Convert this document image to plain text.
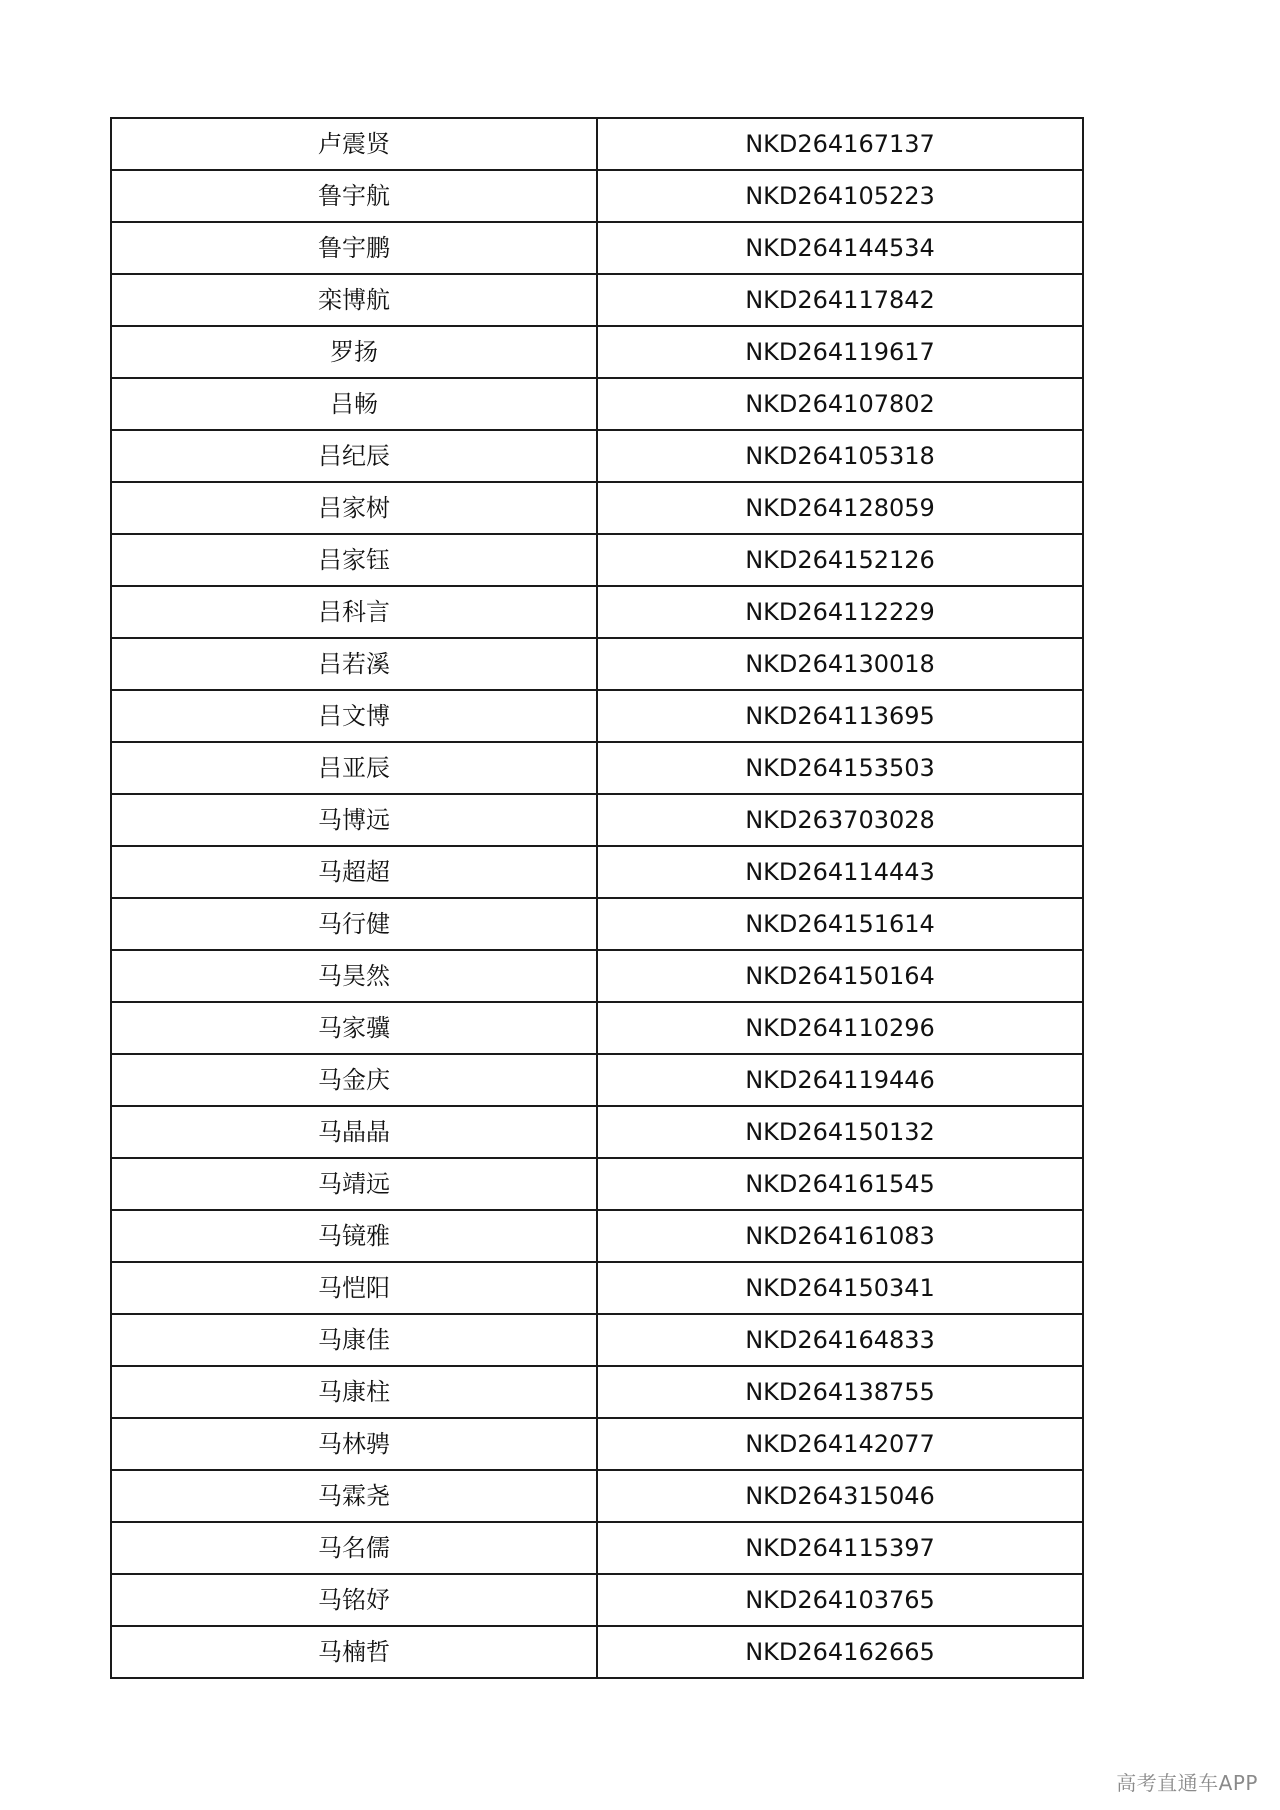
卢震贤	NKD264167137
鲁宇航	NKD264105223
鲁宇鹏	NKD264144534
栾博航	NKD264117842
罗扬	NKD264119617
吕畅	NKD264107802
吕纪辰	NKD264105318
吕家树	NKD264128059
吕家钰	NKD264152126
吕科言	NKD264112229
吕若溪	NKD264130018
吕文博	NKD264113695
吕亚辰	NKD264153503
马博远	NKD263703028
马超超	NKD264114443
马行健	NKD264151614
马昊然	NKD264150164
马家骥	NKD264110296
马金庆	NKD264119446
马晶晶	NKD264150132
马靖远	NKD264161545
马镜雅	NKD264161083
马恺阳	NKD264150341
马康佳	NKD264164833
马康柱	NKD264138755
马林骋	NKD264142077
马霖尧	NKD264315046
马名儒	NKD264115397
马铭妤	NKD264103765
马楠哲	NKD264162665
高考直通车APP
